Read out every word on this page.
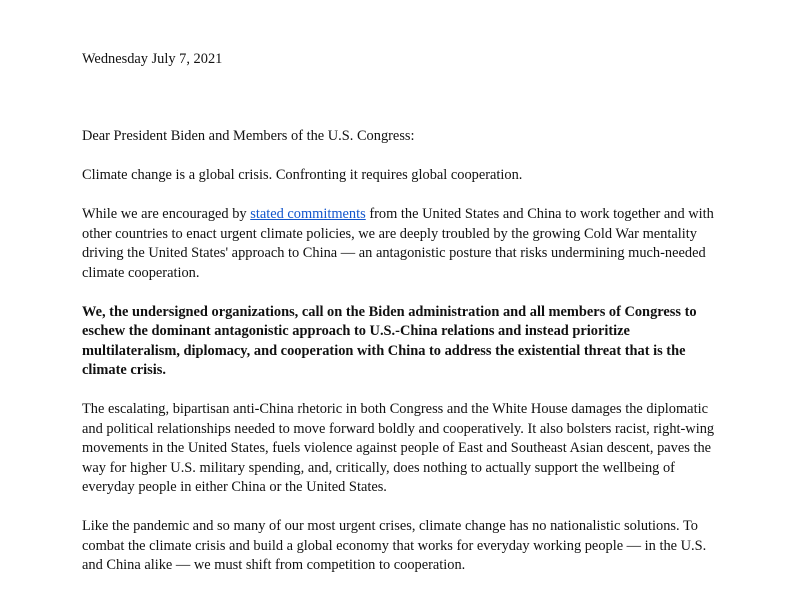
Wednesday July 7, 2021

Dear President Biden and Members of the U.S. Congress:

Climate change is a global crisis. Confronting it requires global cooperation.

While we are encouraged by stated commitments from the United States and China to work together and with other countries to enact urgent climate policies, we are deeply troubled by the growing Cold War mentality driving the United States' approach to China — an antagonistic posture that risks undermining much-needed climate cooperation.

We, the undersigned organizations, call on the Biden administration and all members of Congress to eschew the dominant antagonistic approach to U.S.-China relations and instead prioritize multilateralism, diplomacy, and cooperation with China to address the existential threat that is the climate crisis.

The escalating, bipartisan anti-China rhetoric in both Congress and the White House damages the diplomatic and political relationships needed to move forward boldly and cooperatively. It also bolsters racist, right-wing movements in the United States, fuels violence against people of East and Southeast Asian descent, paves the way for higher U.S. military spending, and, critically, does nothing to actually support the wellbeing of everyday people in either China or the United States.

Like the pandemic and so many of our most urgent crises, climate change has no nationalistic solutions. To combat the climate crisis and build a global economy that works for everyday working people — in the U.S. and China alike — we must shift from competition to cooperation.
